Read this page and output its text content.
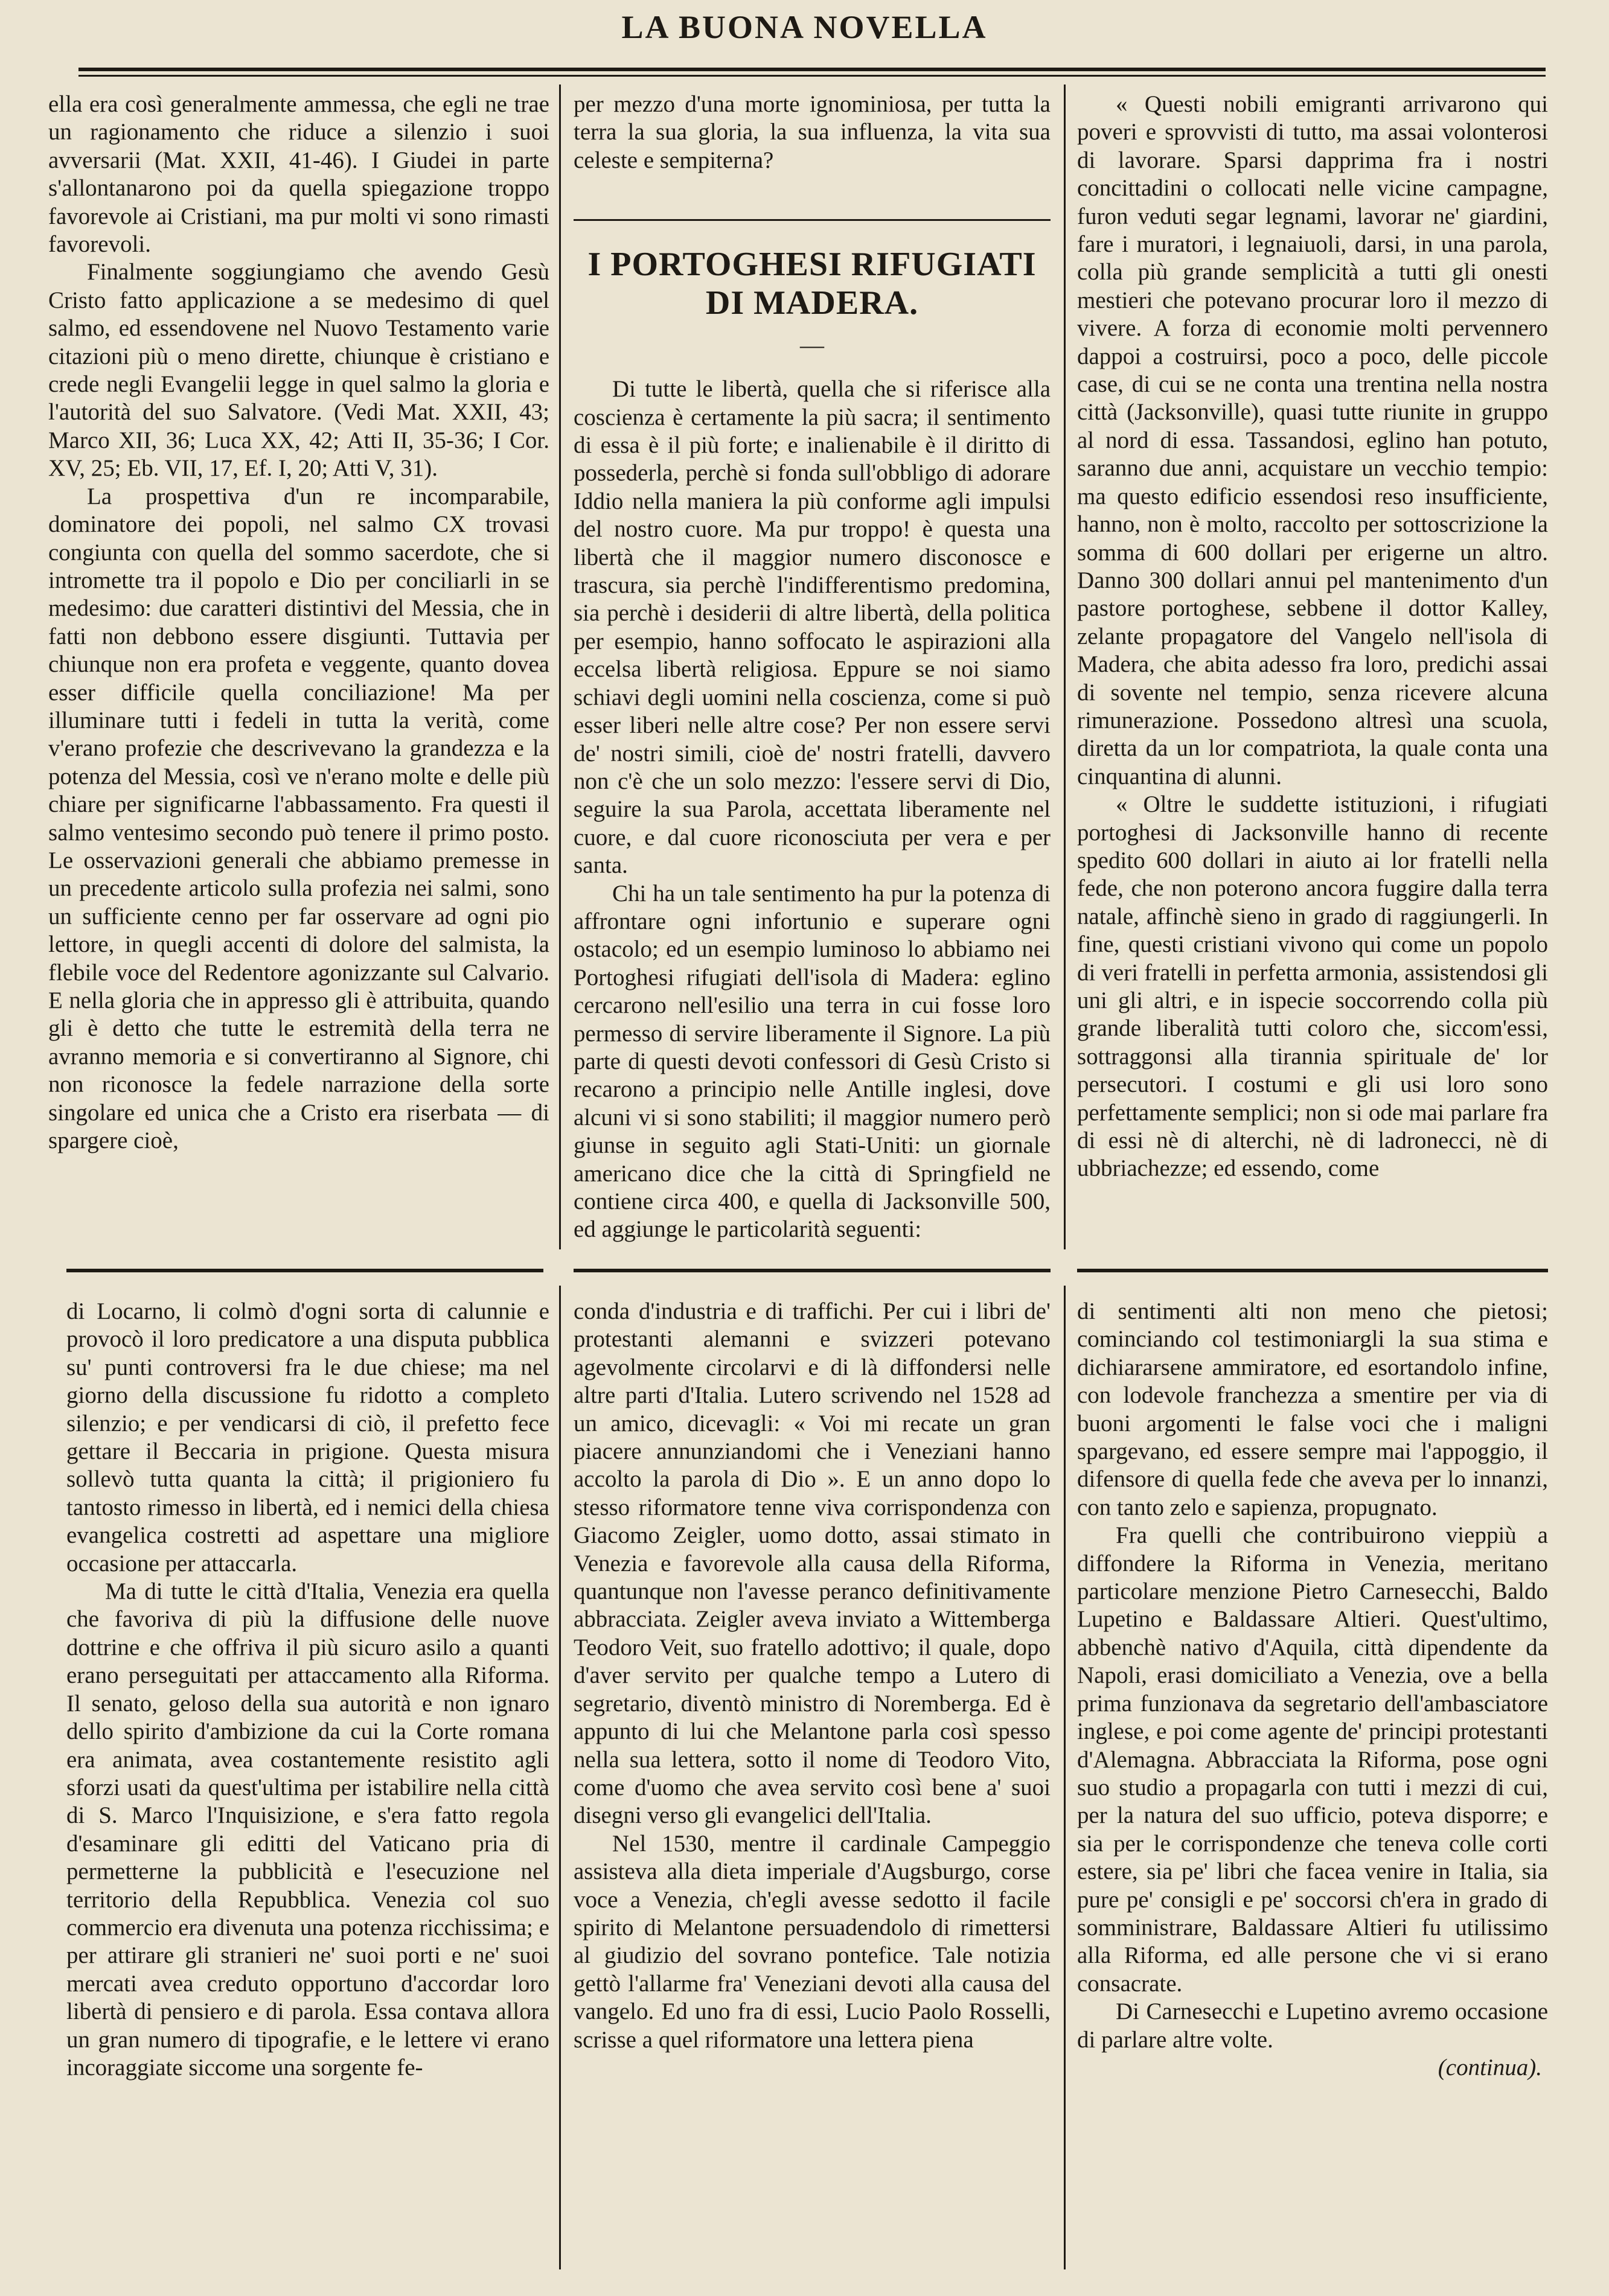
LA BUONA NOVELLA

ella era così generalmente ammessa, che egli ne trae un ragionamento che riduce a silenzio i suoi avversarii (Mat. XXII, 41-46). I Giudei in parte s'allontanarono poi da quella spiegazione troppo favorevole ai Cristiani, ma pur molti vi sono rimasti favorevoli.

Finalmente soggiungiamo che avendo Gesù Cristo fatto applicazione a se medesimo di quel salmo, ed essendovene nel Nuovo Testamento varie citazioni più o meno dirette, chiunque è cristiano e crede negli Evangelii legge in quel salmo la gloria e l'autorità del suo Salvatore. (Vedi Mat. XXII, 43; Marco XII, 36; Luca XX, 42; Atti II, 35-36; I Cor. XV, 25; Eb. VII, 17, Ef. I, 20; Atti V, 31).

La prospettiva d'un re incomparabile, dominatore dei popoli, nel salmo CX trovasi congiunta con quella del sommo sacerdote, che si intromette tra il popolo e Dio per conciliarli in se medesimo: due caratteri distintivi del Messia, che in fatti non debbono essere disgiunti. Tuttavia per chiunque non era profeta e veggente, quanto dovea esser difficile quella conciliazione! Ma per illuminare tutti i fedeli in tutta la verità, come v'erano profezie che descrivevano la grandezza e la potenza del Messia, così ve n'erano molte e delle più chiare per significarne l'abbassamento. Fra questi il salmo ventesimo secondo può tenere il primo posto. Le osservazioni generali che abbiamo premesse in un precedente articolo sulla profezia nei salmi, sono un sufficiente cenno per far osservare ad ogni pio lettore, in quegli accenti di dolore del salmista, la flebile voce del Redentore agonizzante sul Calvario. E nella gloria che in appresso gli è attribuita, quando gli è detto che tutte le estremità della terra ne avranno memoria e si convertiranno al Signore, chi non riconosce la fedele narrazione della sorte singolare ed unica che a Cristo era riserbata — di spargere cioè,

per mezzo d'una morte ignominiosa, per tutta la terra la sua gloria, la sua influenza, la vita sua celeste e sempiterna?

I PORTOGHESI RIFUGIATI DI MADERA.
—

Di tutte le libertà, quella che si riferisce alla coscienza è certamente la più sacra; il sentimento di essa è il più forte; e inalienabile è il diritto di possederla, perchè si fonda sull'obbligo di adorare Iddio nella maniera la più conforme agli impulsi del nostro cuore. Ma pur troppo! è questa una libertà che il maggior numero disconosce e trascura, sia perchè l'indifferentismo predomina, sia perchè i desiderii di altre libertà, della politica per esempio, hanno soffocato le aspirazioni alla eccelsa libertà religiosa. Eppure se noi siamo schiavi degli uomini nella coscienza, come si può esser liberi nelle altre cose? Per non essere servi de' nostri simili, cioè de' nostri fratelli, davvero non c'è che un solo mezzo: l'essere servi di Dio, seguire la sua Parola, accettata liberamente nel cuore, e dal cuore riconosciuta per vera e per santa.

Chi ha un tale sentimento ha pur la potenza di affrontare ogni infortunio e superare ogni ostacolo; ed un esempio luminoso lo abbiamo nei Portoghesi rifugiati dell'isola di Madera: eglino cercarono nell'esilio una terra in cui fosse loro permesso di servire liberamente il Signore. La più parte di questi devoti confessori di Gesù Cristo si recarono a principio nelle Antille inglesi, dove alcuni vi si sono stabiliti; il maggior numero però giunse in seguito agli Stati-Uniti: un giornale americano dice che la città di Springfield ne contiene circa 400, e quella di Jacksonville 500, ed aggiunge le particolarità seguenti:

« Questi nobili emigranti arrivarono qui poveri e sprovvisti di tutto, ma assai volonterosi di lavorare. Sparsi dapprima fra i nostri concittadini o collocati nelle vicine campagne, furon veduti segar legnami, lavorar ne' giardini, fare i muratori, i legnaiuoli, darsi, in una parola, colla più grande semplicità a tutti gli onesti mestieri che potevano procurar loro il mezzo di vivere. A forza di economie molti pervennero dappoi a costruirsi, poco a poco, delle piccole case, di cui se ne conta una trentina nella nostra città (Jacksonville), quasi tutte riunite in gruppo al nord di essa. Tassandosi, eglino han potuto, saranno due anni, acquistare un vecchio tempio: ma questo edificio essendosi reso insufficiente, hanno, non è molto, raccolto per sottoscrizione la somma di 600 dollari per erigerne un altro. Danno 300 dollari annui pel mantenimento d'un pastore portoghese, sebbene il dottor Kalley, zelante propagatore del Vangelo nell'isola di Madera, che abita adesso fra loro, predichi assai di sovente nel tempio, senza ricevere alcuna rimunerazione. Possedono altresì una scuola, diretta da un lor compatriota, la quale conta una cinquantina di alunni.

« Oltre le suddette istituzioni, i rifugiati portoghesi di Jacksonville hanno di recente spedito 600 dollari in aiuto ai lor fratelli nella fede, che non poterono ancora fuggire dalla terra natale, affinchè sieno in grado di raggiungerli. In fine, questi cristiani vivono qui come un popolo di veri fratelli in perfetta armonia, assistendosi gli uni gli altri, e in ispecie soccorrendo colla più grande liberalità tutti coloro che, siccom'essi, sottraggonsi alla tirannia spirituale de' lor persecutori. I costumi e gli usi loro sono perfettamente semplici; non si ode mai parlare fra di essi nè di alterchi, nè di ladronecci, nè di ubbriachezze; ed essendo, come

di Locarno, li colmò d'ogni sorta di calunnie e provocò il loro predicatore a una disputa pubblica su' punti controversi fra le due chiese; ma nel giorno della discussione fu ridotto a completo silenzio; e per vendicarsi di ciò, il prefetto fece gettare il Beccaria in prigione. Questa misura sollevò tutta quanta la città; il prigioniero fu tantosto rimesso in libertà, ed i nemici della chiesa evangelica costretti ad aspettare una migliore occasione per attaccarla.

Ma di tutte le città d'Italia, Venezia era quella che favoriva di più la diffusione delle nuove dottrine e che offriva il più sicuro asilo a quanti erano perseguitati per attaccamento alla Riforma. Il senato, geloso della sua autorità e non ignaro dello spirito d'ambizione da cui la Corte romana era animata, avea costantemente resistito agli sforzi usati da quest'ultima per istabilire nella città di S. Marco l'Inquisizione, e s'era fatto regola d'esaminare gli editti del Vaticano pria di permetterne la pubblicità e l'esecuzione nel territorio della Repubblica. Venezia col suo commercio era divenuta una potenza ricchissima; e per attirare gli stranieri ne' suoi porti e ne' suoi mercati avea creduto opportuno d'accordar loro libertà di pensiero e di parola. Essa contava allora un gran numero di tipografie, e le lettere vi erano incoraggiate siccome una sorgente fe-

conda d'industria e di traffichi. Per cui i libri de' protestanti alemanni e svizzeri potevano agevolmente circolarvi e di là diffondersi nelle altre parti d'Italia. Lutero scrivendo nel 1528 ad un amico, dicevagli: « Voi mi recate un gran piacere annunziandomi che i Veneziani hanno accolto la parola di Dio ». E un anno dopo lo stesso riformatore tenne viva corrispondenza con Giacomo Zeigler, uomo dotto, assai stimato in Venezia e favorevole alla causa della Riforma, quantunque non l'avesse peranco definitivamente abbracciata. Zeigler aveva inviato a Wittemberga Teodoro Veit, suo fratello adottivo; il quale, dopo d'aver servito per qualche tempo a Lutero di segretario, diventò ministro di Noremberga. Ed è appunto di lui che Melantone parla così spesso nella sua lettera, sotto il nome di Teodoro Vito, come d'uomo che avea servito così bene a' suoi disegni verso gli evangelici dell'Italia.

Nel 1530, mentre il cardinale Campeggio assisteva alla dieta imperiale d'Augsburgo, corse voce a Venezia, ch'egli avesse sedotto il facile spirito di Melantone persuadendolo di rimettersi al giudizio del sovrano pontefice. Tale notizia gettò l'allarme fra' Veneziani devoti alla causa del vangelo. Ed uno fra di essi, Lucio Paolo Rosselli, scrisse a quel riformatore una lettera piena

di sentimenti alti non meno che pietosi; cominciando col testimoniargli la sua stima e dichiararsene ammiratore, ed esortandolo infine, con lodevole franchezza a smentire per via di buoni argomenti le false voci che i maligni spargevano, ed essere sempre mai l'appoggio, il difensore di quella fede che aveva per lo innanzi, con tanto zelo e sapienza, propugnato.

Fra quelli che contribuirono vieppiù a diffondere la Riforma in Venezia, meritano particolare menzione Pietro Carnesecchi, Baldo Lupetino e Baldassare Altieri. Quest'ultimo, abbenchè nativo d'Aquila, città dipendente da Napoli, erasi domiciliato a Venezia, ove a bella prima funzionava da segretario dell'ambasciatore inglese, e poi come agente de' principi protestanti d'Alemagna. Abbracciata la Riforma, pose ogni suo studio a propagarla con tutti i mezzi di cui, per la natura del suo ufficio, poteva disporre; e sia per le corrispondenze che teneva colle corti estere, sia pe' libri che facea venire in Italia, sia pure pe' consigli e pe' soccorsi ch'era in grado di somministrare, Baldassare Altieri fu utilissimo alla Riforma, ed alle persone che vi si erano consacrate.

Di Carnesecchi e Lupetino avremo occasione di parlare altre volte.

(continua).
